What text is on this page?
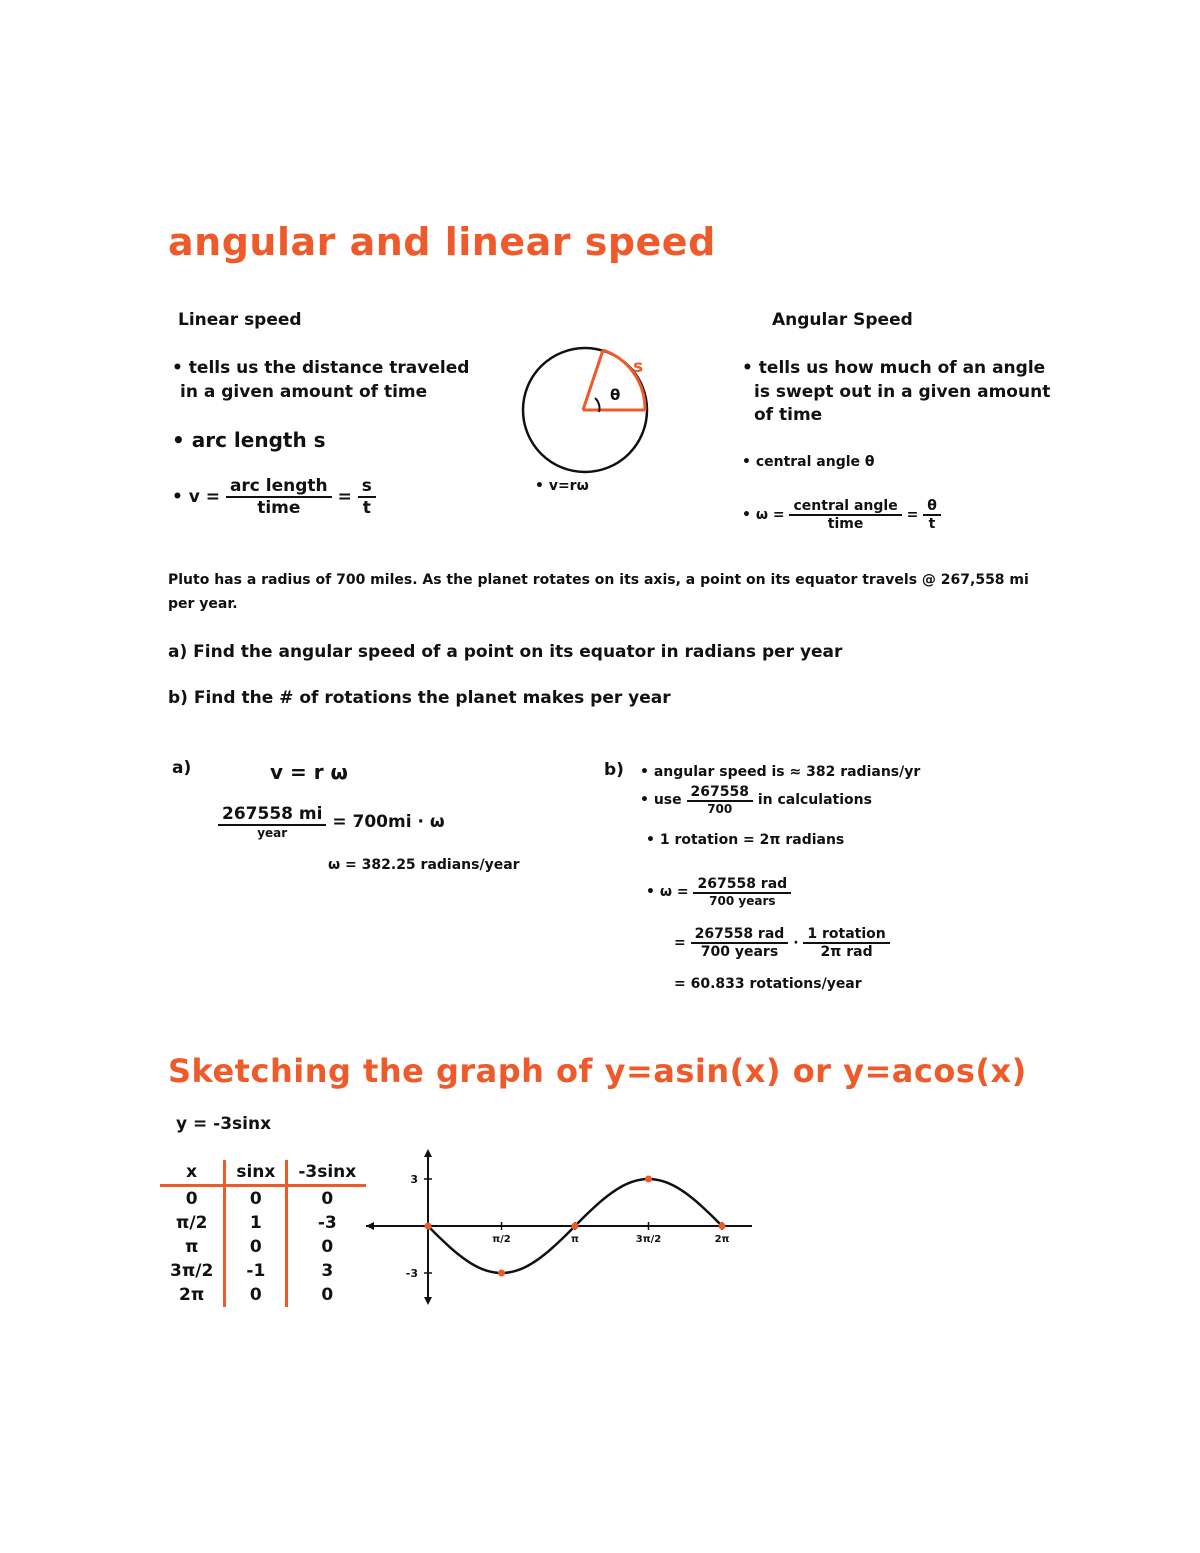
angular and linear speed
Linear speed
• tells us the distance traveled
in a given amount of time
• arc length s
• $v = \frac{\text{arc length}}{\text{time}} = \frac{s}{t}$
θ
s
• v=rω
Angular Speed
• tells us how much of an angle
is swept out in a given amount
of time
• central angle θ
• $\omega = \frac{\text{central angle}}{\text{time}} = \frac{\theta}{t}$
Pluto has a radius of 700 miles. As the planet rotates on its axis, a point on its equator travels @ 267,558 mi
per year.
a) Find the angular speed of a point on its equator in radians per year
b) Find the # of rotations the planet makes per year
a)	v = r ω
$\frac{267558 mi}{\text{year}} = 700mi \cdot \omega$
ω = 382.25 radians/year
b) • angular speed is ≈ 382 radians/yr
• use $\frac{267558}{700}$ in calculations
• 1 rotation = 2π radians
• $\omega = \frac{\text{267558 rad}}{\text{700 years}}$
= $\frac{\text{267558 rad}}{\text{700 years}} \cdot \frac{\text{1 rotation}}{\text{2π rad}}$
= 60.833 rotations/year
Sketching the graph of y=asin(x) or y=acos(x)
y = -3sinx
x	sinx	-3sinx
0	0	0
π/2	1	-3
π	0	0
3π/2	-1	3
2π	0	0
π/2	π	3π/2	2π
3
-3
